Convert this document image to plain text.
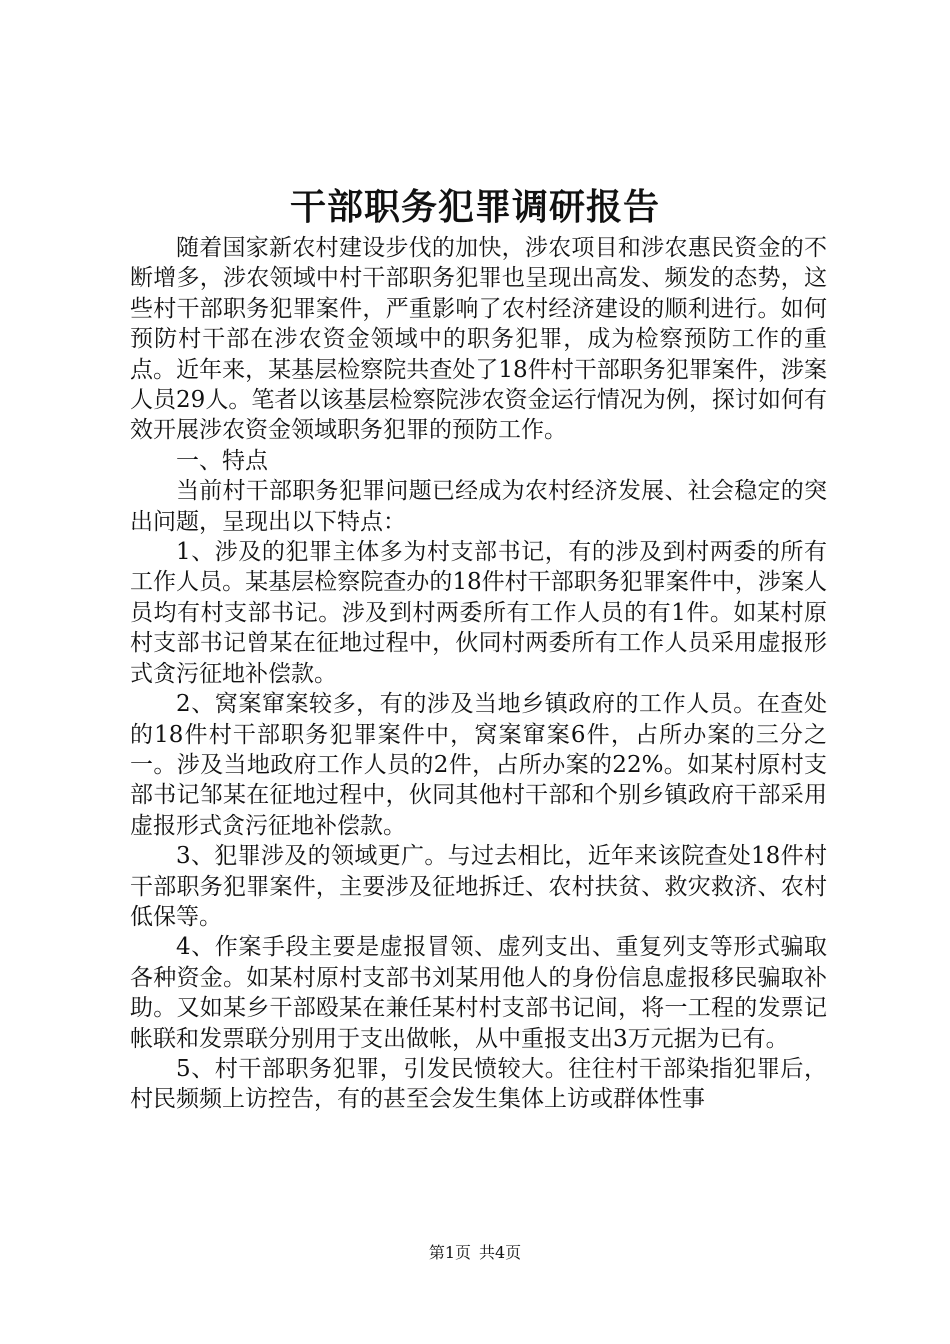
干部职务犯罪调研报告

随着国家新农村建设步伐的加快，涉农项目和涉农惠民资金的不断增多，涉农领域中村干部职务犯罪也呈现出高发、频发的态势，这些村干部职务犯罪案件，严重影响了农村经济建设的顺利进行。如何预防村干部在涉农资金领域中的职务犯罪，成为检察预防工作的重点。近年来，某基层检察院共查处了18件村干部职务犯罪案件，涉案人员29人。笔者以该基层检察院涉农资金运行情况为例，探讨如何有效开展涉农资金领域职务犯罪的预防工作。

一、特点

当前村干部职务犯罪问题已经成为农村经济发展、社会稳定的突出问题，呈现出以下特点：

1、涉及的犯罪主体多为村支部书记，有的涉及到村两委的所有工作人员。某基层检察院查办的18件村干部职务犯罪案件中，涉案人员均有村支部书记。涉及到村两委所有工作人员的有1件。如某村原村支部书记曾某在征地过程中，伙同村两委所有工作人员采用虚报形式贪污征地补偿款。

2、窝案窜案较多，有的涉及当地乡镇政府的工作人员。在查处的18件村干部职务犯罪案件中，窝案窜案6件，占所办案的三分之一。涉及当地政府工作人员的2件，占所办案的22%。如某村原村支部书记邹某在征地过程中，伙同其他村干部和个别乡镇政府干部采用虚报形式贪污征地补偿款。

3、犯罪涉及的领域更广。与过去相比，近年来该院查处18件村干部职务犯罪案件，主要涉及征地拆迁、农村扶贫、救灾救济、农村低保等。

4、作案手段主要是虚报冒领、虚列支出、重复列支等形式骗取各种资金。如某村原村支部书刘某用他人的身份信息虚报移民骗取补助。又如某乡干部殴某在兼任某村村支部书记间，将一工程的发票记帐联和发票联分别用于支出做帐，从中重报支出3万元据为已有。

5、村干部职务犯罪，引发民愤较大。往往村干部染指犯罪后，村民频频上访控告，有的甚至会发生集体上访或群体性事

第1页 共4页
